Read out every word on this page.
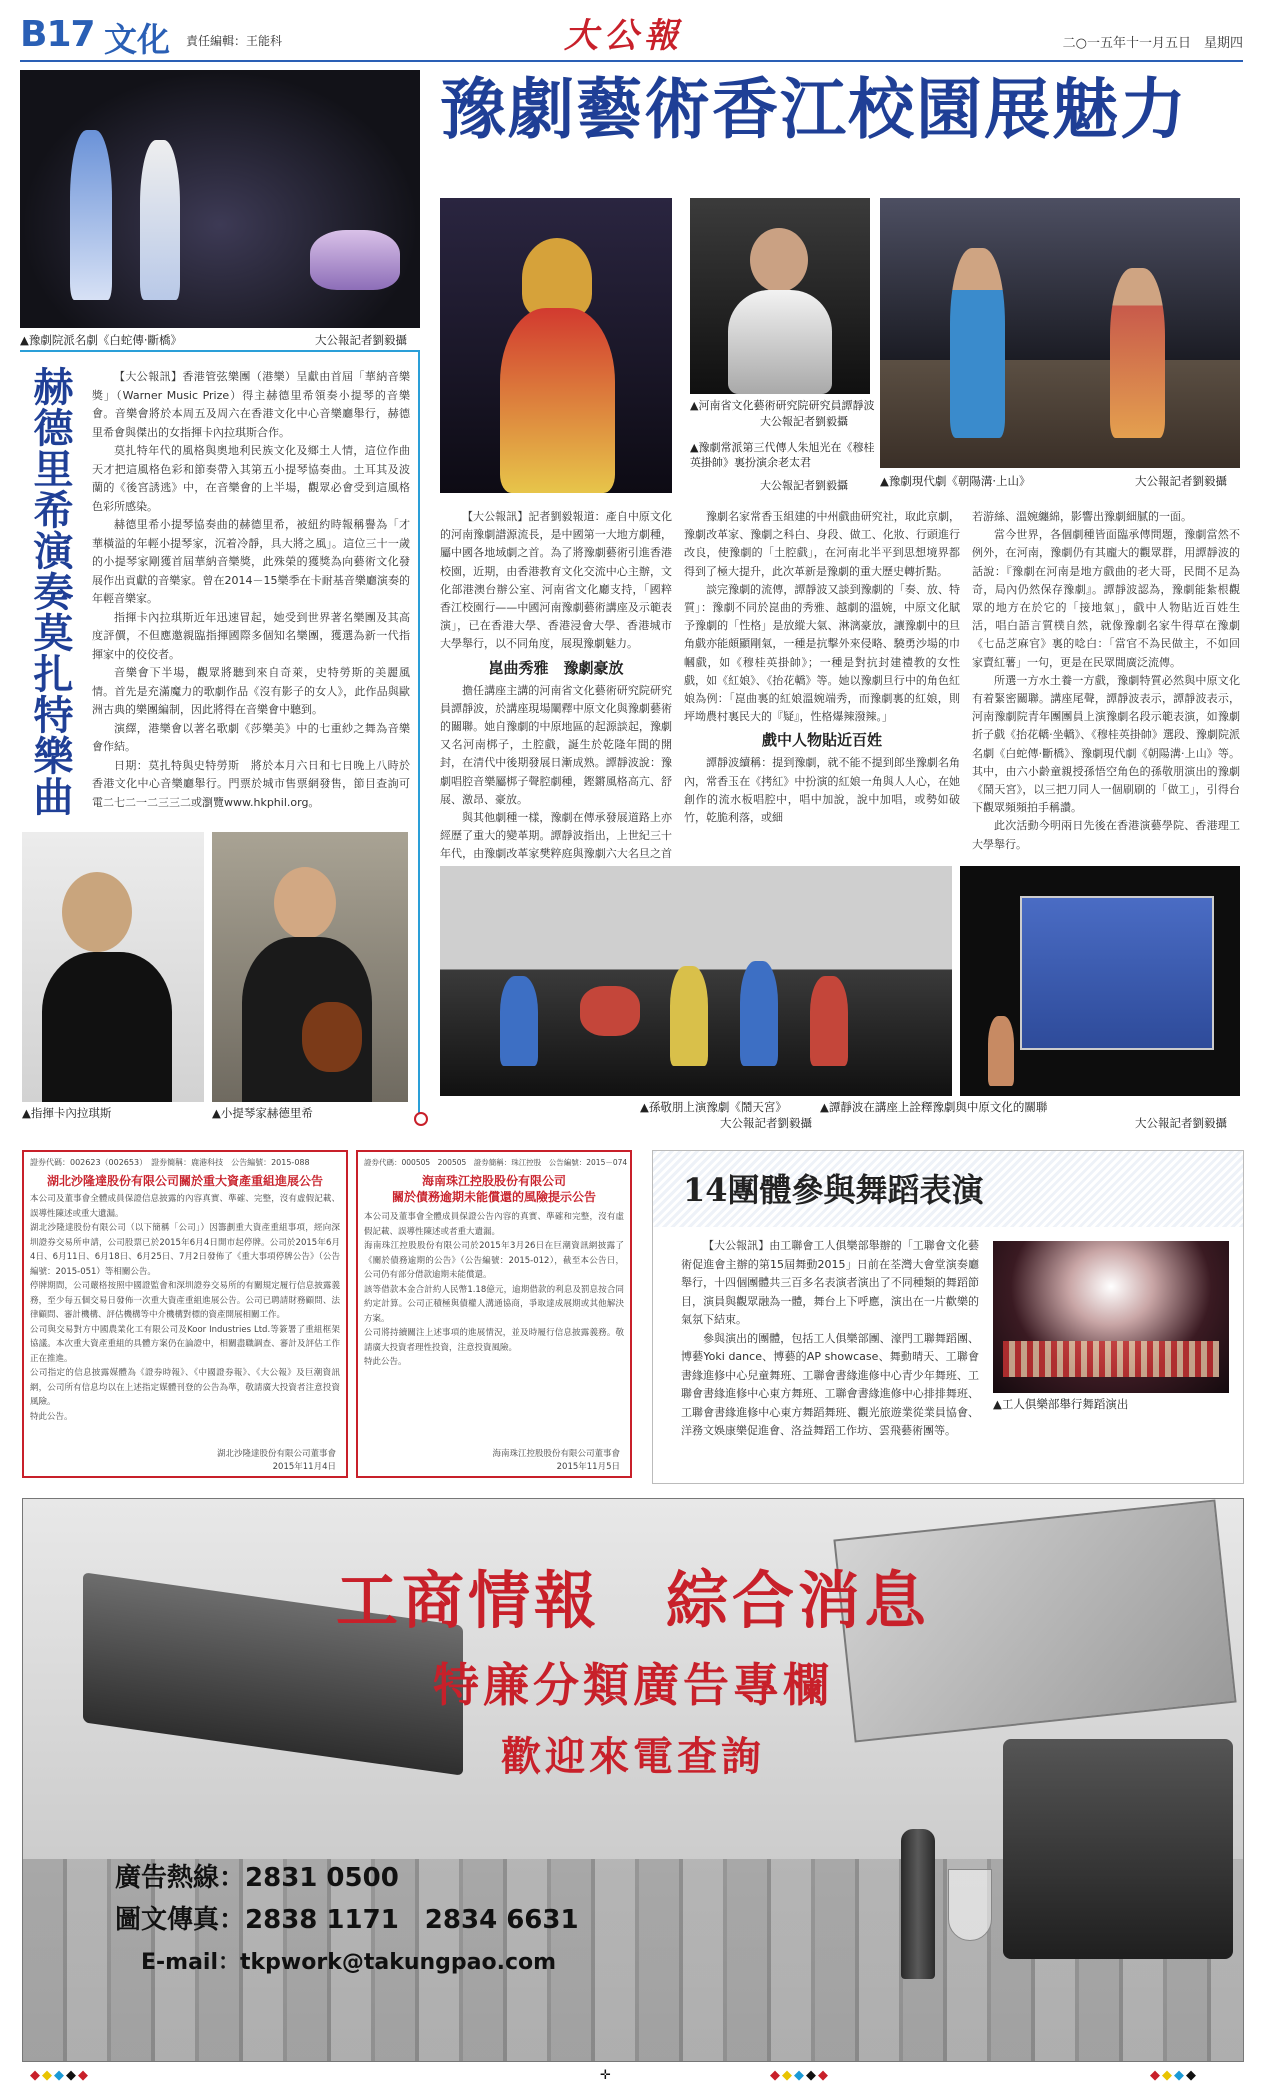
B17 文化 責任編輯：王能科	大公報	二○一五年十一月五日　星期四
▲豫劇院派名劇《白蛇傳·斷橋》	大公報記者劉毅攝
赫德里希演奏莫扎特樂曲	【大公報訊】香港管弦樂團（港樂）呈獻由首屆「華納音樂獎」（Warner Music Prize）得主赫德里希領奏小提琴的音樂會。音樂會將於本周五及周六在香港文化中心音樂廳舉行，赫德里希會與傑出的女指揮卡內拉琪斯合作。

莫扎特年代的風格與奧地利民族文化及鄉土人情，這位作曲天才把這風格色彩和節奏帶入其第五小提琴協奏曲。土耳其及波蘭的《後宮誘逃》中，在音樂會的上半場，觀眾必會受到這風格色彩所感染。

赫德里希小提琴協奏曲的赫德里希，被紐約時報稱譽為「才華橫溢的年輕小提琴家，沉着冷靜，具大將之風」。這位三十一歲的小提琴家剛獲首屆華納音樂獎，此殊榮的獲獎為向藝術文化發展作出貢獻的音樂家。曾在2014－15樂季在卡耐基音樂廳演奏的年輕音樂家。

指揮卡內拉琪斯近年迅速冒起，她受到世界著名樂團及其高度評價，不但應邀親臨指揮國際多個知名樂團，獲選為新一代指揮家中的佼佼者。

音樂會下半場，觀眾將聽到來自奇萊，史特勞斯的美麗風情。首先是充滿魔力的歌劇作品《沒有影子的女人》，此作品與歐洲古典的樂團編制，因此將得在音樂會中聽到。

演繹，港樂會以著名歌劇《莎樂美》中的七重紗之舞為音樂會作結。

日期：莫扎特與史特勞斯　將於本月六日和七日晚上八時於香港文化中心音樂廳舉行。門票於城市售票網發售，節目查詢可電二七二一二三三二或瀏覽www.hkphil.org。

▲指揮卡內拉琪斯	▲小提琴家赫德里希
豫劇藝術香江校園展魅力
▲河南省文化藝術研究院研究員譚靜波
大公報記者劉毅攝
▲豫劇常派第三代傳人朱旭光在《穆桂英掛帥》裏扮演余老太君
大公報記者劉毅攝	▲豫劇現代劇《朝陽溝·上山》	大公報記者劉毅攝

【大公報訊】記者劉毅報道：產自中原文化的河南豫劇譜源流長，是中國第一大地方劇種，屬中國各地域劇之首。為了將豫劇藝術引進香港校園，近期，由香港教育文化交流中心主辦，文化部港澳台辦公室、河南省文化廳支持，「國粹香江校園行——中國河南豫劇藝術講座及示範表演」，已在香港大學、香港浸會大學、香港城市大學舉行，以不同角度，展現豫劇魅力。

崑曲秀雅　豫劇豪放

擔任講座主講的河南省文化藝術研究院研究員譚靜波，於講座現場闡釋中原文化與豫劇藝術的關聯。她自豫劇的中原地區的起源談起，豫劇又名河南梆子，土腔戲，誕生於乾隆年間的開封，在清代中後期發展日漸成熟。譚靜波說：豫劇唱腔音樂屬梆子聲腔劇種，鏗鏘風格高亢、舒展、激昂、豪放。

與其他劇種一樣，豫劇在傳承發展道路上亦經歷了重大的變革期。譚靜波指出，上世紀三十年代，由豫劇改革家樊粹庭與豫劇六大名旦之首

豫劇名家常香玉組建的中州戲曲研究社，取此京劇，豫劇改革家、豫劇之科白、身段、做工、化妝、行頭進行改良，使豫劇的「土腔戲」，在河南北半平到思想境界都得到了極大提升，此次革新是豫劇的重大歷史轉折點。

談完豫劇的流傳，譚靜波又談到豫劇的「奏、放、特質」：豫劇不同於崑曲的秀雅、越劇的溫婉，中原文化賦予豫劇的「性格」是放縱大氣、淋漓豪放，讓豫劇中的旦角戲亦能頗顯剛氣，一種是抗擊外來侵略、驍勇沙場的巾幗戲，如《穆桂英掛帥》；一種是對抗封建禮教的女性戲，如《紅娘》、《抬花轎》等。她以豫劇旦行中的角色紅娘為例：「崑曲裏的紅娘溫婉端秀，而豫劇裏的紅娘，則坪坳農村裏民大的『疑』，性格爆辣潑辣。」

戲中人物貼近百姓

譚靜波續稱：提到豫劇，就不能不提到郎坐豫劇名角內，常香玉在《拷紅》中扮演的紅娘一角與人人心，在她創作的流水板唱腔中，唱中加說，說中加唱，或勢如破竹，乾脆利落，或細

若游絲、溫婉纏綿，影響出豫劇細膩的一面。

當今世界，各個劇種皆面臨承傳問題，豫劇當然不例外，在河南，豫劇仍有其龐大的觀眾群，用譚靜波的話說：『豫劇在河南是地方戲曲的老大哥，民間不足為奇，局內仍然保存豫劇』。譚靜波認為，豫劇能紮根觀眾的地方在於它的「接地氣」，戲中人物貼近百姓生活，唱白語言質樸自然，就像豫劇名家牛得草在豫劇《七品芝麻官》裏的唸白：「當官不為民做主，不如回家賣紅薯」一句，更是在民眾間廣泛流傳。

所選一方水土養一方戲，豫劇特質必然與中原文化有着緊密關聯。講座尾聲，譚靜波表示，譚靜波表示，河南豫劇院青年團團員上演豫劇名段示範表演，如豫劇折子戲《抬花轎·坐轎》、《穆桂英掛帥》選段、豫劇院派名劇《白蛇傳·斷橋》、豫劇現代劇《朝陽溝·上山》等。其中，由六小齡童親授孫悟空角色的孫敬朋演出的豫劇《鬧天宮》，以三把刀同人一個刷刷的「做工」，引得台下觀眾頻頻拍手稱讚。

此次活動今明兩日先後在香港演藝學院、香港理工大學舉行。

▲孫敬朋上演豫劇《鬧天宮》
大公報記者劉毅攝
▲譚靜波在講座上詮釋豫劇與中原文化的關聯
大公報記者劉毅攝
證券代碼：002623（002653）　證券簡稱：鹿港科技　公告編號：2015-088
湖北沙隆達股份有限公司關於重大資產重組進展公告
本公司及董事會全體成員保證信息披露的內容真實、準確、完整，沒有虛假記載、誤導性陳述或重大遺漏。
湖北沙隆達股份有限公司（以下簡稱「公司」）因籌劃重大資產重組事項，經向深圳證券交易所申請，公司股票已於2015年6月4日開市起停牌。公司於2015年6月4日、6月11日、6月18日、6月25日、7月2日發佈了《重大事項停牌公告》（公告編號：2015-051）等相關公告。
停牌期間，公司嚴格按照中國證監會和深圳證券交易所的有關規定履行信息披露義務，至少每五個交易日發佈一次重大資產重組進展公告。公司已聘請財務顧問、法律顧問、審計機構、評估機構等中介機構對標的資產開展相關工作。
公司與交易對方中國農業化工有限公司及Koor Industries Ltd.等簽署了重組框架協議。本次重大資產重組的具體方案仍在論證中，相關盡職調查、審計及評估工作正在推進。
公司指定的信息披露媒體為《證券時報》、《中國證券報》、《大公報》及巨潮資訊網，公司所有信息均以在上述指定媒體刊登的公告為準，敬請廣大投資者注意投資風險。
特此公告。
湖北沙隆達股份有限公司董事會
2015年11月4日
證券代碼：000505　200505　證券簡稱：珠江控股　公告編號：2015－074
海南珠江控股股份有限公司
關於債務逾期未能償還的風險提示公告
本公司及董事會全體成員保證公告內容的真實、準確和完整，沒有虛假記載、誤導性陳述或者重大遺漏。
海南珠江控股股份有限公司於2015年3月26日在巨潮資訊網披露了《關於債務逾期的公告》（公告編號：2015-012），截至本公告日，公司仍有部分借款逾期未能償還。
該等借款本金合計約人民幣1.18億元，逾期借款的利息及罰息按合同約定計算。公司正積極與債權人溝通協商，爭取達成展期或其他解決方案。
公司將持續關注上述事項的進展情況，並及時履行信息披露義務。敬請廣大投資者理性投資，注意投資風險。
特此公告。
海南珠江控股股份有限公司董事會
2015年11月5日
14團體參與舞蹈表演

【大公報訊】由工聯會工人俱樂部舉辦的「工聯會文化藝術促進會主辦的第15屆舞動2015」日前在荃灣大會堂演奏廳舉行，十四個團體共三百多名表演者演出了不同種類的舞蹈節目，演員與觀眾融為一體，舞台上下呼應，演出在一片歡樂的氣氛下結束。

參與演出的團體，包括工人俱樂部團、濠門工聯舞蹈團、博藝Yoki dance、博藝的AP showcase、舞動晴天、工聯會書緣進修中心兒童舞班、工聯會書緣進修中心青少年舞班、工聯會書緣進修中心東方舞班、工聯會書緣進修中心排排舞班、工聯會書緣進修中心東方舞蹈舞班、觀光旅遊業從業員協會、洋務文娛康樂促進會、洛益舞蹈工作坊、雲飛藝術團等。

▲工人俱樂部舉行舞蹈演出
工商情報　綜合消息
特廉分類廣告專欄
歡迎來電查詢
廣告熱線：2831 0500
圖文傳真：2838 1171　2834 6631
E-mail：tkpwork@takungpao.com
◆◆◆◆◆	✛	◆◆◆◆◆	◆◆◆◆
